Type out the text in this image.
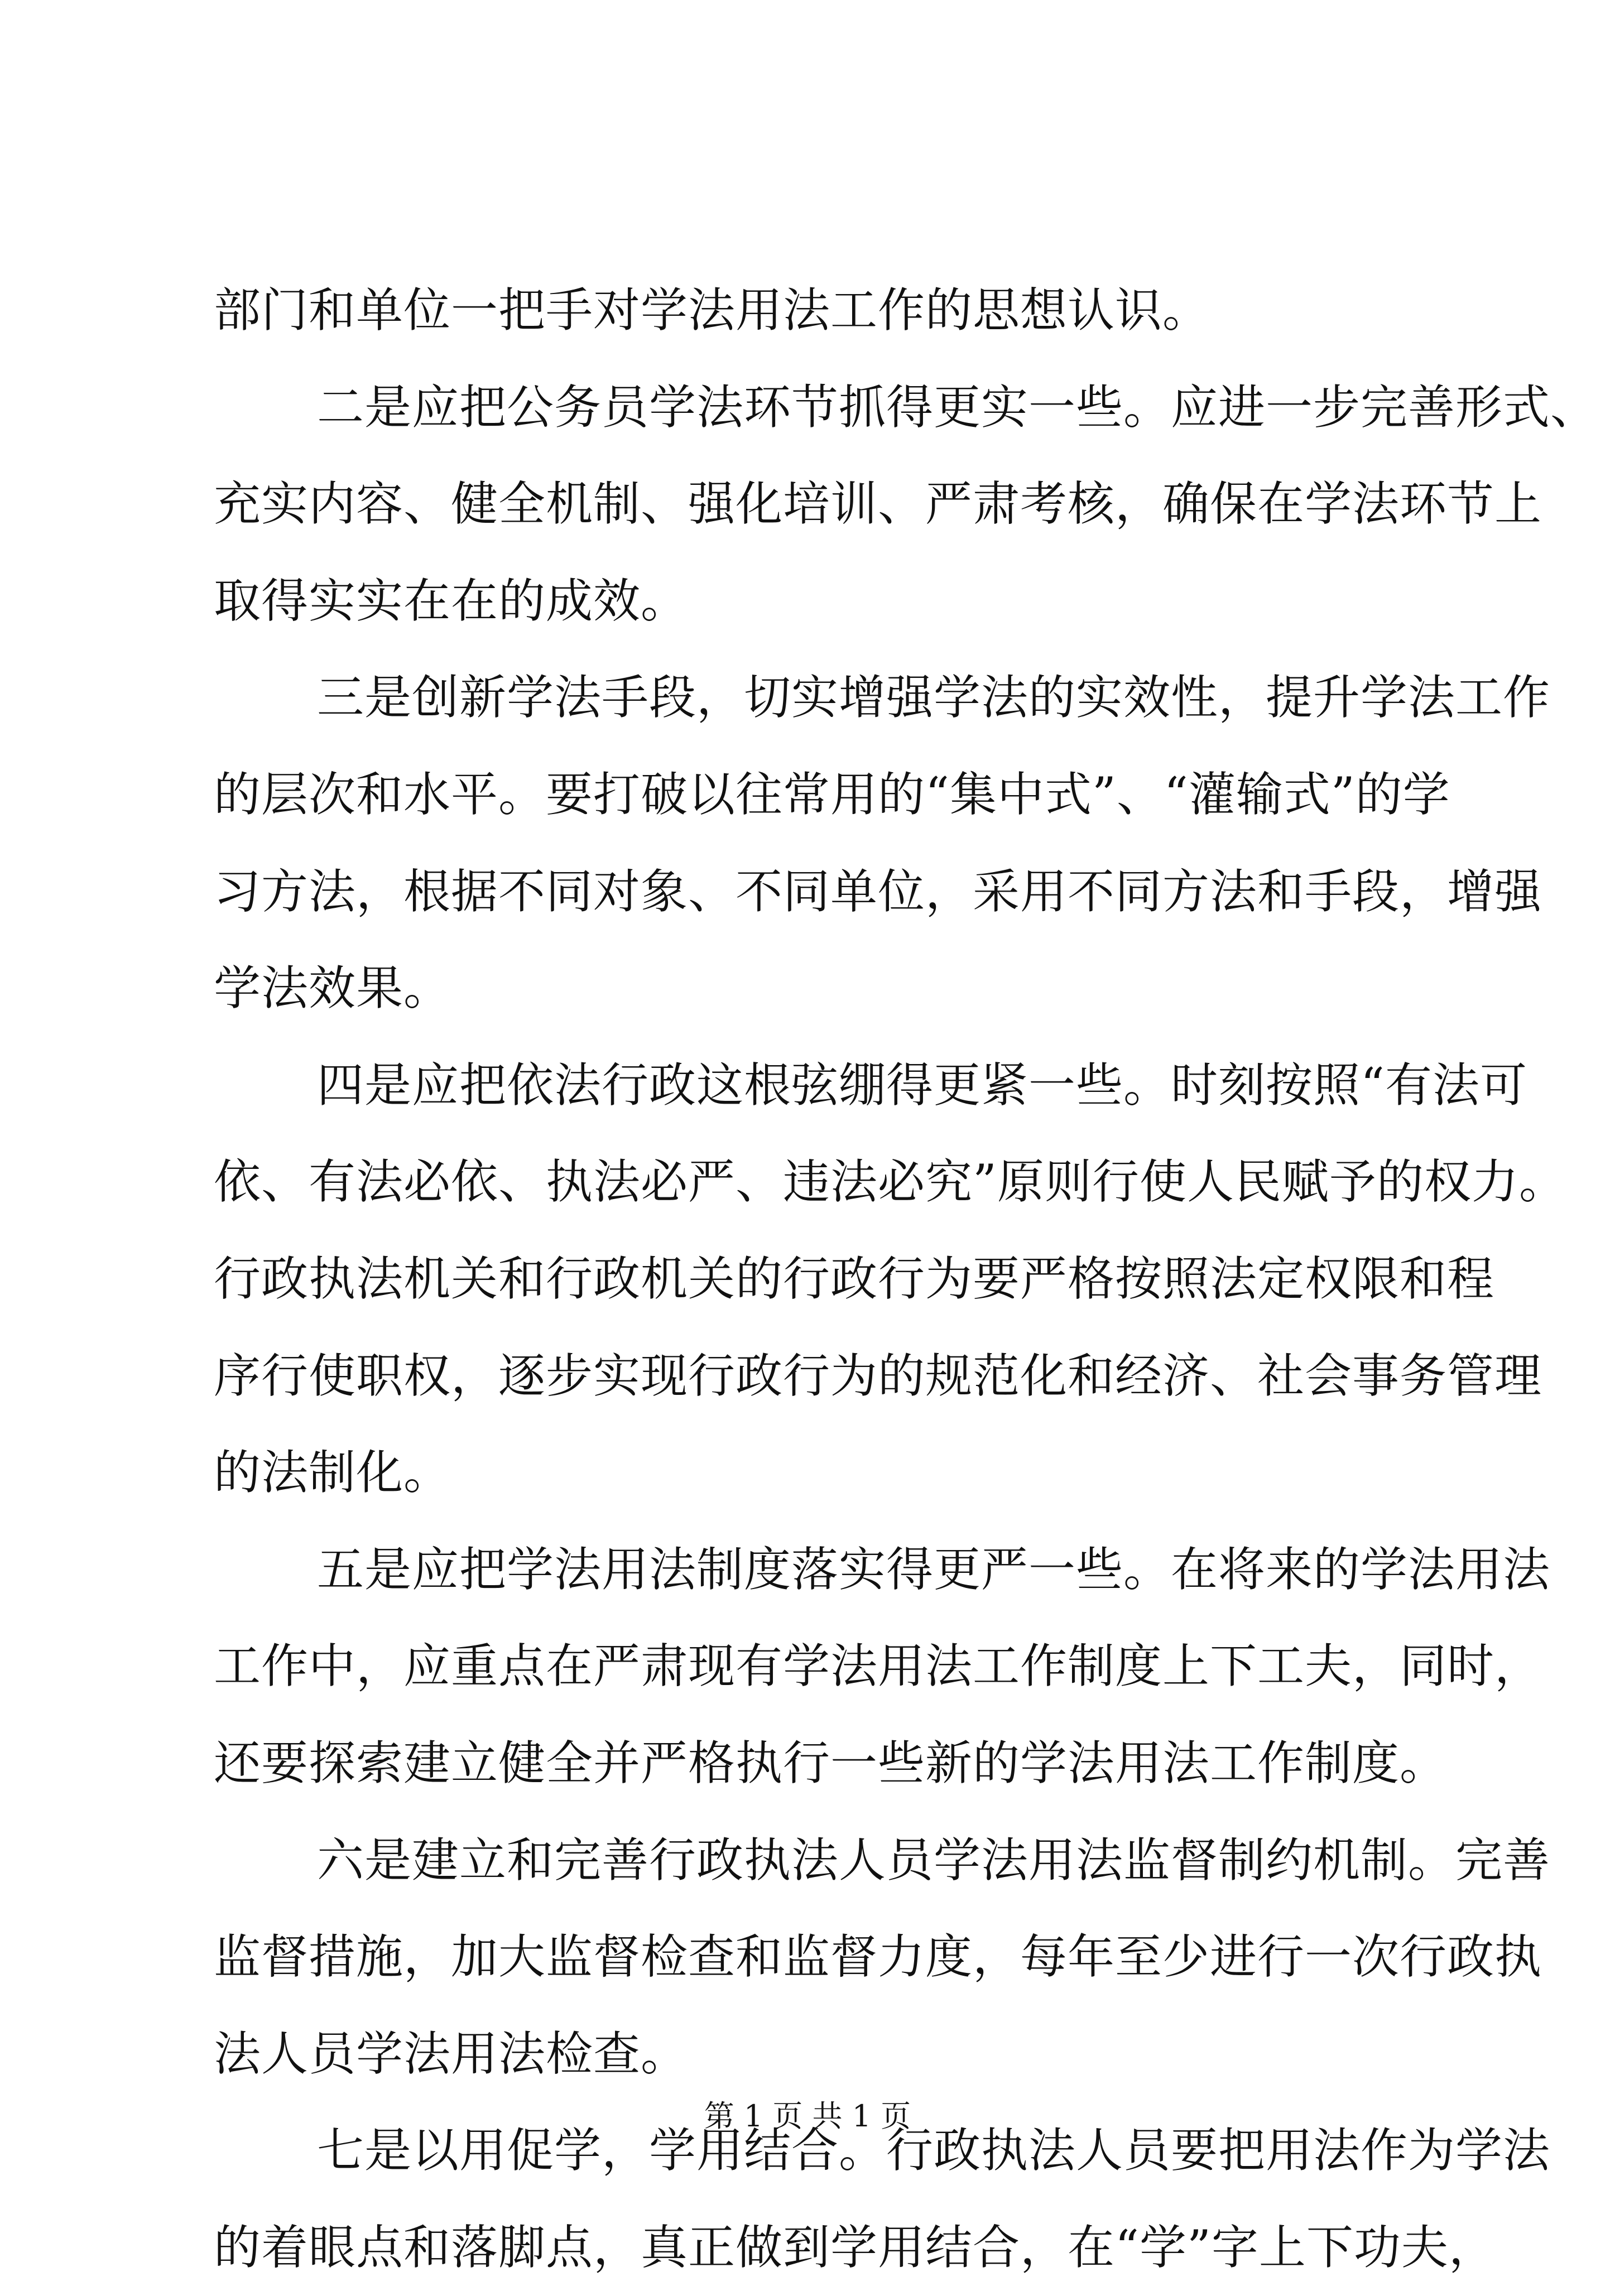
部门和单位一把手对学法用法工作的思想认识。
二是应把公务员学法环节抓得更实一些。应进一步完善形式、
充实内容、健全机制、强化培训、严肃考核，确保在学法环节上
取得实实在在的成效。
三是创新学法手段，切实增强学法的实效性，提升学法工作
的层次和水平。要打破以往常用的“集中式”、“灌输式”的学
习方法，根据不同对象、不同单位，采用不同方法和手段，增强
学法效果。
四是应把依法行政这根弦绷得更紧一些。时刻按照“有法可
依、有法必依、执法必严、违法必究”原则行使人民赋予的权力。
行政执法机关和行政机关的行政行为要严格按照法定权限和程
序行使职权，逐步实现行政行为的规范化和经济、社会事务管理
的法制化。
五是应把学法用法制度落实得更严一些。在将来的学法用法
工作中，应重点在严肃现有学法用法工作制度上下工夫，同时，
还要探索建立健全并严格执行一些新的学法用法工作制度。
六是建立和完善行政执法人员学法用法监督制约机制。完善
监督措施，加大监督检查和监督力度，每年至少进行一次行政执
法人员学法用法检查。
七是以用促学，学用结合。行政执法人员要把用法作为学法
的着眼点和落脚点，真正做到学用结合，在“学”字上下功夫，
第 1 页 共 1 页
